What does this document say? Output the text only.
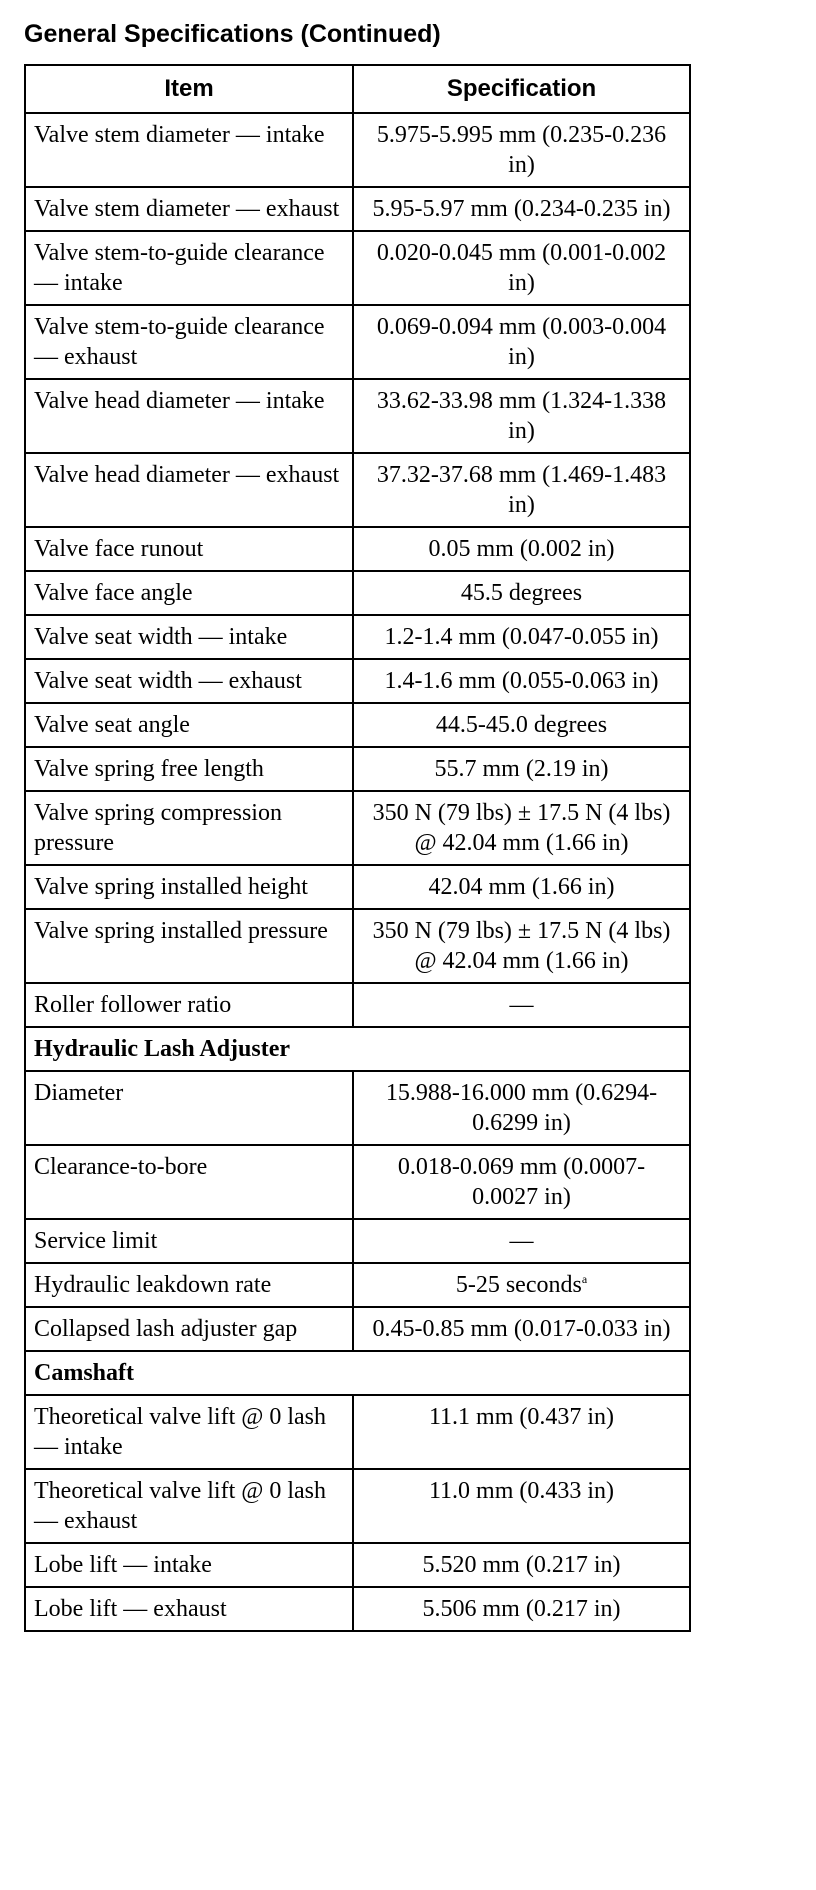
General Specifications (Continued)
Item	Specification
Valve stem diameter — intake	5.975-5.995 mm (0.235-0.236 in)
Valve stem diameter — exhaust	5.95-5.97 mm (0.234-0.235 in)
Valve stem-to-guide clearance — intake	0.020-0.045 mm (0.001-0.002 in)
Valve stem-to-guide clearance — exhaust	0.069-0.094 mm (0.003-0.004 in)
Valve head diameter — intake	33.62-33.98 mm (1.324-1.338 in)
Valve head diameter — exhaust	37.32-37.68 mm (1.469-1.483 in)
Valve face runout	0.05 mm (0.002 in)
Valve face angle	45.5 degrees
Valve seat width — intake	1.2-1.4 mm (0.047-0.055 in)
Valve seat width — exhaust	1.4-1.6 mm (0.055-0.063 in)
Valve seat angle	44.5-45.0 degrees
Valve spring free length	55.7 mm (2.19 in)
Valve spring compression pressure	350 N (79 lbs) ± 17.5 N (4 lbs) @ 42.04 mm (1.66 in)
Valve spring installed height	42.04 mm (1.66 in)
Valve spring installed pressure	350 N (79 lbs) ± 17.5 N (4 lbs) @ 42.04 mm (1.66 in)
Roller follower ratio	—
Hydraulic Lash Adjuster	
Diameter	15.988-16.000 mm (0.6294-0.6299 in)
Clearance-to-bore	0.018-0.069 mm (0.0007-0.0027 in)
Service limit	—
Hydraulic leakdown rate	5-25 seconds$^a$
Collapsed lash adjuster gap	0.45-0.85 mm (0.017-0.033 in)
Camshaft	
Theoretical valve lift @ 0 lash — intake	11.1 mm (0.437 in)
Theoretical valve lift @ 0 lash — exhaust	11.0 mm (0.433 in)
Lobe lift — intake	5.520 mm (0.217 in)
Lobe lift — exhaust	5.506 mm (0.217 in)
